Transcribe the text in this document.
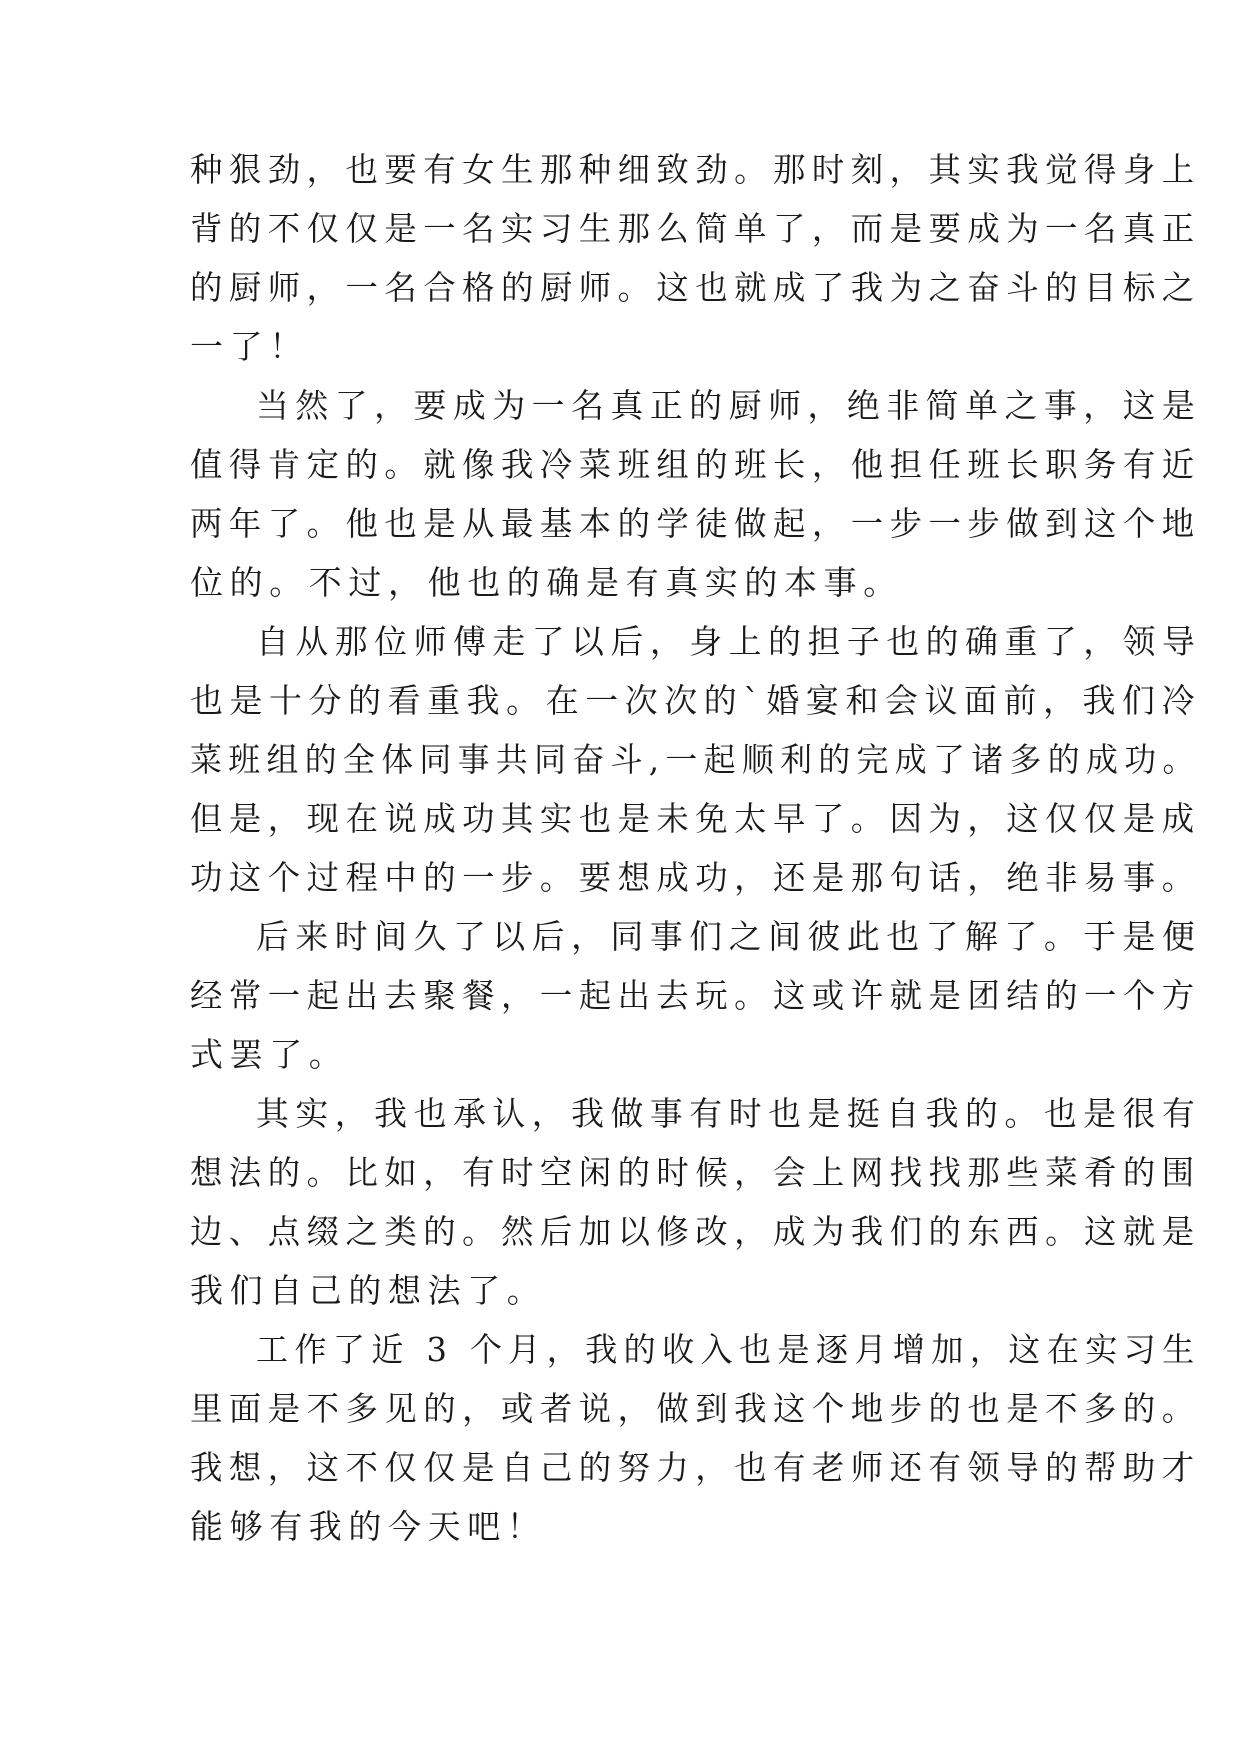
种狠劲，也要有女生那种细致劲。那时刻，其实我觉得身上
背的不仅仅是一名实习生那么简单了，而是要成为一名真正
的厨师，一名合格的厨师。这也就成了我为之奋斗的目标之
一了！
当然了，要成为一名真正的厨师，绝非简单之事，这是
值得肯定的。就像我冷菜班组的班长，他担任班长职务有近
两年了。他也是从最基本的学徒做起，一步一步做到这个地
位的。不过，他也的确是有真实的本事。
自从那位师傅走了以后，身上的担子也的确重了，领导
也是十分的看重我。在一次次的`婚宴和会议面前，我们冷
菜班组的全体同事共同奋斗,一起顺利的完成了诸多的成功。
但是，现在说成功其实也是未免太早了。因为，这仅仅是成
功这个过程中的一步。要想成功，还是那句话，绝非易事。
后来时间久了以后，同事们之间彼此也了解了。于是便
经常一起出去聚餐，一起出去玩。这或许就是团结的一个方
式罢了。
其实，我也承认，我做事有时也是挺自我的。也是很有
想法的。比如，有时空闲的时候，会上网找找那些菜肴的围
边、点缀之类的。然后加以修改，成为我们的东西。这就是
我们自己的想法了。
工作了近 3 个月，我的收入也是逐月增加，这在实习生
里面是不多见的，或者说，做到我这个地步的也是不多的。
我想，这不仅仅是自己的努力，也有老师还有领导的帮助才
能够有我的今天吧！
